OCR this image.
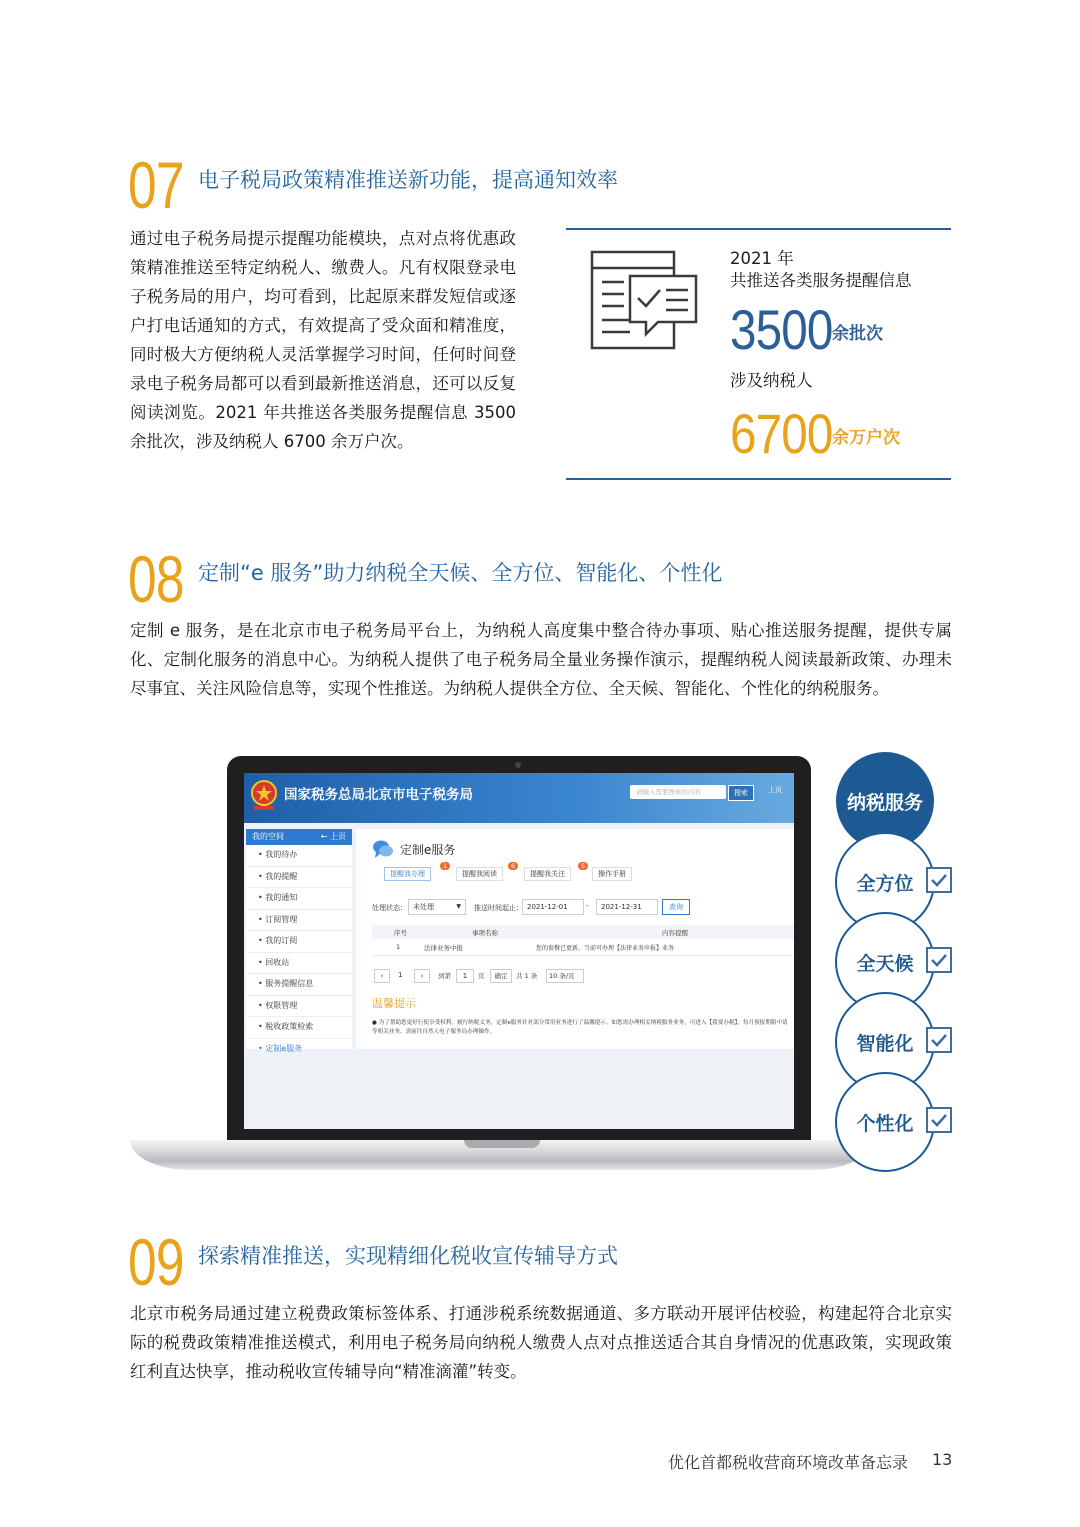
07 电子税局政策精准推送新功能，提高通知效率
通过电子税务局提示提醒功能模块，点对点将优惠政策精准推送至特定纳税人、缴费人。凡有权限登录电子税务局的用户，均可看到，比起原来群发短信或逐户打电话通知的方式，有效提高了受众面和精准度，同时极大方便纳税人灵活掌握学习时间，任何时间登录电子税务局都可以看到最新推送消息，还可以反复阅读浏览。2021 年共推送各类服务提醒信息 3500 余批次，涉及纳税人 6700 余万户次。
2021 年
共推送各类服务提醒信息
3500 余批次
涉及纳税人
6700 余万户次
08 定制“e 服务”助力纳税全天候、全方位、智能化、个性化
定制 e 服务，是在北京市电子税务局平台上，为纳税人高度集中整合待办事项、贴心推送服务提醒，提供专属化、定制化服务的消息中心。为纳税人提供了电子税务局全量业务操作演示，提醒纳税人阅读最新政策、办理未尽事宜、关注风险信息等，实现个性推送。为纳税人提供全方位、全天候、智能化、个性化的纳税服务。
国家税务总局北京市电子税务局	请输入需要搜索的内容	搜索	上页
我的空间	← 上页
• 我的待办
• 我的提醒
• 我的通知
• 订阅管理
• 我的订阅
• 回收站
• 服务提醒信息
• 权限管理
• 税收政策检索
• 定制e服务
定制e服务
提醒我办理
1
提醒我阅读
6
提醒我关注
5
操作手册
处理状态： 未处理	▼ 推送时间起止： 2021-12-01	-	2021-12-31	查询
序号	事项名称	内容提醒
1	法律业务中报	您的套餐已更新，当前可办理【法律业务申报】业务
‹	1	›	到第	1	页	确定	共 1 条	10 条/页
温馨提示
● 为了帮助您更好行使享受权利，履行纳税义务，定制e服务针对部分常用业务进行了温馨提示。如您需办理相关纳税服务业务，可进入【我要办税】，每月预报期限中请等相关业务，需前往自然人电子服务局办理操作。
纳税服务
全方位
全天候
智能化
个性化
09 探索精准推送，实现精细化税收宣传辅导方式
北京市税务局通过建立税费政策标签体系、打通涉税系统数据通道、多方联动开展评估校验，构建起符合北京实际的税费政策精准推送模式，利用电子税务局向纳税人缴费人点对点推送适合其自身情况的优惠政策，实现政策红利直达快享，推动税收宣传辅导向“精准滴灌”转变。
优化首都税收营商环境改革备忘录 13
